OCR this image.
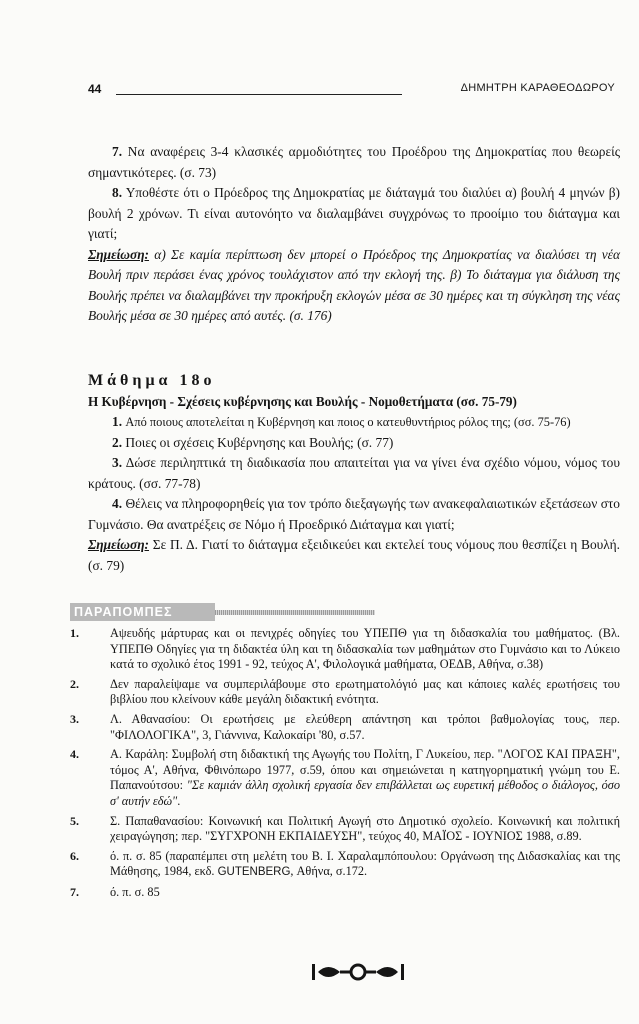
44	ΔΗΜΗΤΡΗ ΚΑΡΑΘΕΟΔΩΡΟΥ

7. Να αναφέρεις 3-4 κλασικές αρμοδιότητες του Προέδρου της Δημοκρατίας που θεωρείς σημαντικότερες. (σ. 73)

8. Υποθέστε ότι ο Πρόεδρος της Δημοκρατίας με διάταγμά του διαλύει α) βουλή 4 μηνών β) βουλή 2 χρόνων. Τι είναι αυτονόητο να διαλαμβάνει συγχρόνως το προοίμιο του διάταγμα και γιατί;

Σημείωση: α) Σε καμία περίπτωση δεν μπορεί ο Πρόεδρος της Δημοκρατίας να διαλύσει τη νέα Βουλή πριν περάσει ένας χρόνος τουλάχιστον από την εκλογή της. β) Το διάταγμα για διάλυση της Βουλής πρέπει να διαλαμβάνει την προκήρυξη εκλογών μέσα σε 30 ημέρες και τη σύγκληση της νέας Βουλής μέσα σε 30 ημέρες από αυτές. (σ. 176)

Μάθημα 18ο

Η Κυβέρνηση - Σχέσεις κυβέρνησης και Βουλής - Νομοθετήματα (σσ. 75-79)

1. Από ποιους αποτελείται η Κυβέρνηση και ποιος ο κατευθυντήριος ρόλος της; (σσ. 75-76)

2. Ποιες οι σχέσεις Κυβέρνησης και Βουλής; (σ. 77)

3. Δώσε περιληπτικά τη διαδικασία που απαιτείται για να γίνει ένα σχέδιο νόμου, νόμος του κράτους. (σσ. 77-78)

4. Θέλεις να πληροφορηθείς για τον τρόπο διεξαγωγής των ανακεφαλαιωτικών εξετάσεων στο Γυμνάσιο. Θα ανατρέξεις σε Νόμο ή Προεδρικό Διάταγμα και γιατί;

Σημείωση: Σε Π. Δ. Γιατί το διάταγμα εξειδικεύει και εκτελεί τους νόμους που θεσπίζει η Βουλή. (σ. 79)

ΠΑΡΑΠΟΜΠΕΣ
1.	Αψευδής μάρτυρας και οι πενιχρές οδηγίες του ΥΠΕΠΘ για τη διδασκαλία του μαθήματος. (Βλ. ΥΠΕΠΘ Οδηγίες για τη διδακτέα ύλη και τη διδασκαλία των μαθημάτων στο Γυμνάσιο και το Λύκειο κατά το σχολικό έτος 1991 - 92, τεύχος Α', Φιλολογικά μαθήματα, ΟΕΔΒ, Αθήνα, σ.38)
2.	Δεν παραλείψαμε να συμπεριλάβουμε στο ερωτηματολόγιό μας και κάποιες καλές ερωτήσεις του βιβλίου που κλείνουν κάθε μεγάλη διδακτική ενότητα.
3.	Λ. Αθανασίου: Οι ερωτήσεις με ελεύθερη απάντηση και τρόποι βαθμολογίας τους, περ. "ΦΙΛΟΛΟΓΙΚΑ", 3, Γιάννινα, Καλοκαίρι '80, σ.57.
4.	Α. Καράλη: Συμβολή στη διδακτική της Αγωγής του Πολίτη, Γ Λυκείου, περ. "ΛΟΓΟΣ ΚΑΙ ΠΡΑΞΗ", τόμος Α', Αθήνα, Φθινόπωρο 1977, σ.59, όπου και σημειώνεται η κατηγορηματική γνώμη του Ε. Παπανούτσου: "Σε καμιάν άλλη σχολική εργασία δεν επιβάλλεται ως ευρετική μέθοδος ο διάλογος, όσο σ' αυτήν εδώ".
5.	Σ. Παπαθανασίου: Κοινωνική και Πολιτική Αγωγή στο Δημοτικό σχολείο. Κοινωνική και πολιτική χειραγώγηση; περ. "ΣΥΓΧΡΟΝΗ ΕΚΠΑΙΔΕΥΣΗ", τεύχος 40, ΜΑΪΟΣ - ΙΟΥΝΙΟΣ 1988, σ.89.
6.	ό. π. σ. 85 (παραπέμπει στη μελέτη του Β. Ι. Χαραλαμπόπουλου: Οργάνωση της Διδασκαλίας και της Μάθησης, 1984, εκδ. GUTENBERG, Αθήνα, σ.172.
7.	ό. π. σ. 85
